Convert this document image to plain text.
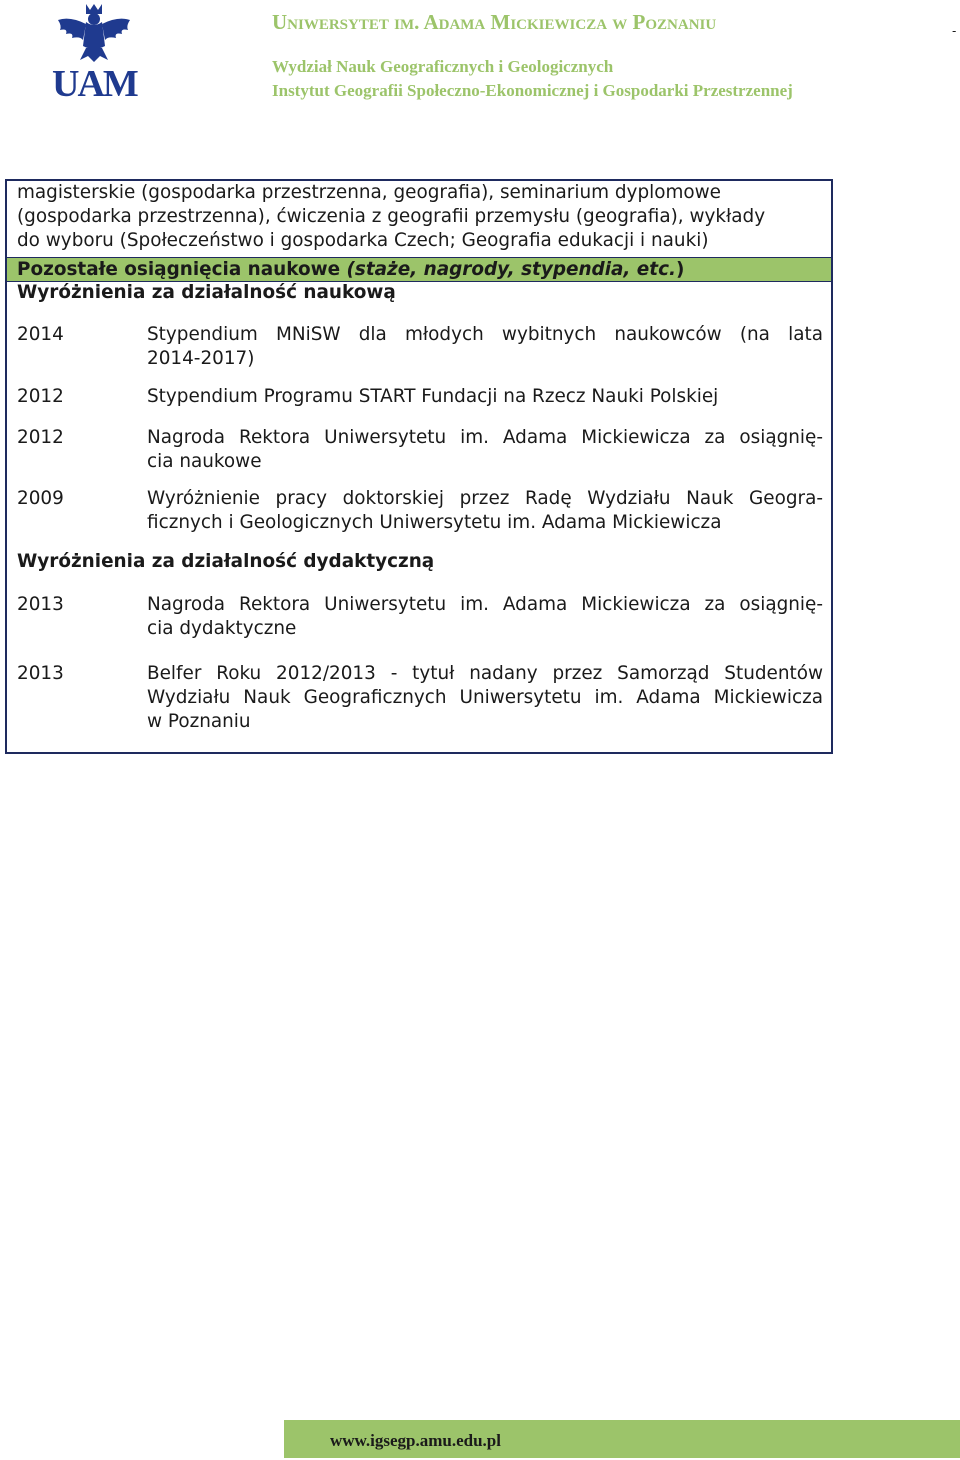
UAM
Uniwersytet im. Adama Mickiewicza w Poznaniu
Wydział Nauk Geograficznych i Geologicznych
Instytut Geografii Społeczno-Ekonomicznej i Gospodarki Przestrzennej
-
magisterskie (gospodarka przestrzenna, geografia), seminarium dyplomowe
(gospodarka przestrzenna), ćwiczenia z geografii przemysłu (geografia), wykłady
do wyboru (Społeczeństwo i gospodarka Czech; Geografia edukacji i nauki)
Pozostałe osiągnięcia naukowe (staże, nagrody, stypendia, etc.)
Wyróżnienia za działalność naukową
2014	Stypendium MNiSW dla młodych wybitnych naukowców (na lata
2014-2017)
2012	Stypendium Programu START Fundacji na Rzecz Nauki Polskiej
2012	Nagroda Rektora Uniwersytetu im. Adama Mickiewicza za osiągnię-
cia naukowe
2009	Wyróżnienie pracy doktorskiej przez Radę Wydziału Nauk Geogra-
ficznych i Geologicznych Uniwersytetu im. Adama Mickiewicza
Wyróżnienia za działalność dydaktyczną
2013	Nagroda Rektora Uniwersytetu im. Adama Mickiewicza za osiągnię-
cia dydaktyczne
2013	Belfer Roku 2012/2013 - tytuł nadany przez Samorząd Studentów
Wydziału Nauk Geograficznych Uniwersytetu im. Adama Mickiewicza
w Poznaniu
www.igsegp.amu.edu.pl
